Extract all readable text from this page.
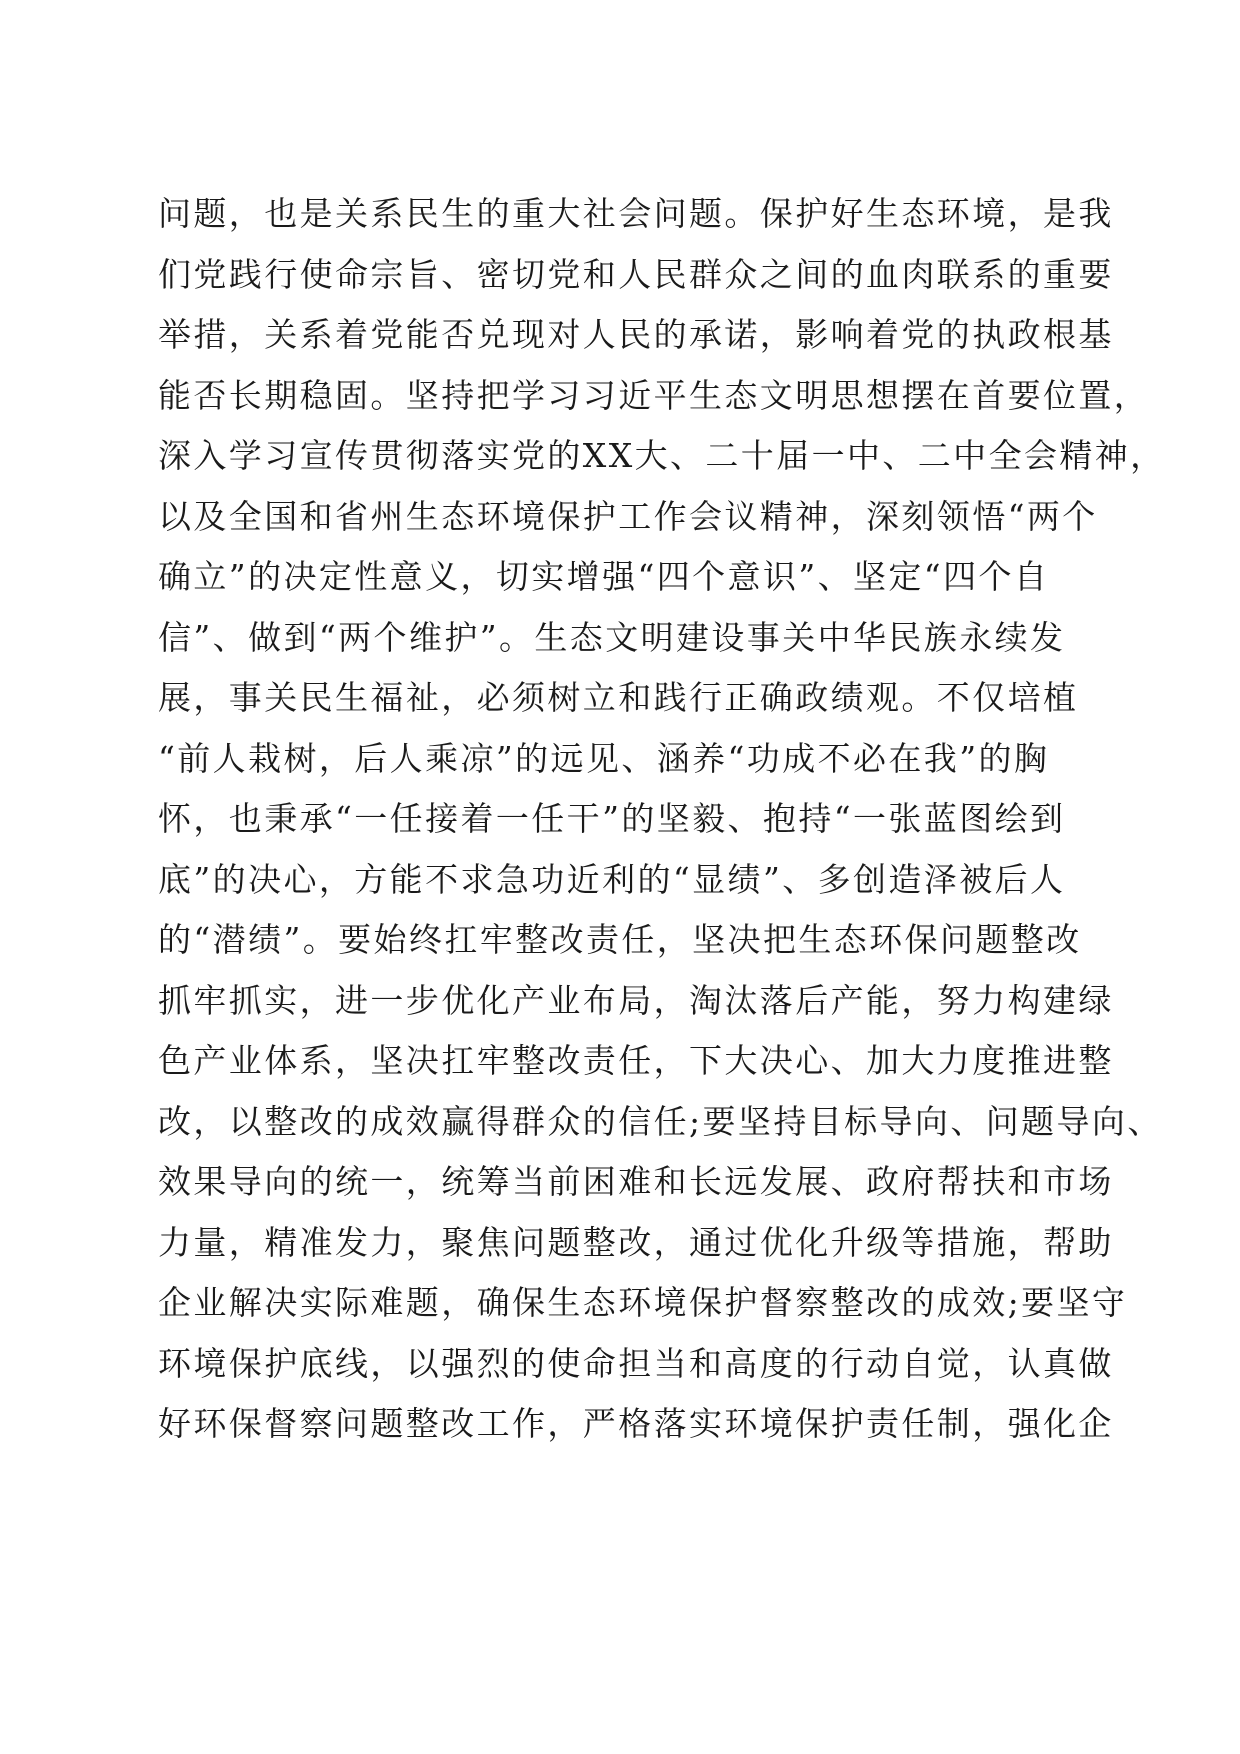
问题，也是关系民生的重大社会问题。保护好生态环境，是我
们党践行使命宗旨、密切党和人民群众之间的血肉联系的重要
举措，关系着党能否兑现对人民的承诺，影响着党的执政根基
能否长期稳固。坚持把学习习近平生态文明思想摆在首要位置，
深入学习宣传贯彻落实党的XX大、二十届一中、二中全会精神，
以及全国和省州生态环境保护工作会议精神，深刻领悟“两个
确立”的决定性意义，切实增强“四个意识”、坚定“四个自
信”、做到“两个维护”。生态文明建设事关中华民族永续发
展，事关民生福祉，必须树立和践行正确政绩观。不仅培植
“前人栽树，后人乘凉”的远见、涵养“功成不必在我”的胸
怀，也秉承“一任接着一任干”的坚毅、抱持“一张蓝图绘到
底”的决心，方能不求急功近利的“显绩”、多创造泽被后人
的“潜绩”。要始终扛牢整改责任，坚决把生态环保问题整改
抓牢抓实，进一步优化产业布局，淘汰落后产能，努力构建绿
色产业体系，坚决扛牢整改责任，下大决心、加大力度推进整
改，以整改的成效赢得群众的信任;要坚持目标导向、问题导向、
效果导向的统一，统筹当前困难和长远发展、政府帮扶和市场
力量，精准发力，聚焦问题整改，通过优化升级等措施，帮助
企业解决实际难题，确保生态环境保护督察整改的成效;要坚守
环境保护底线，以强烈的使命担当和高度的行动自觉，认真做
好环保督察问题整改工作，严格落实环境保护责任制，强化企
